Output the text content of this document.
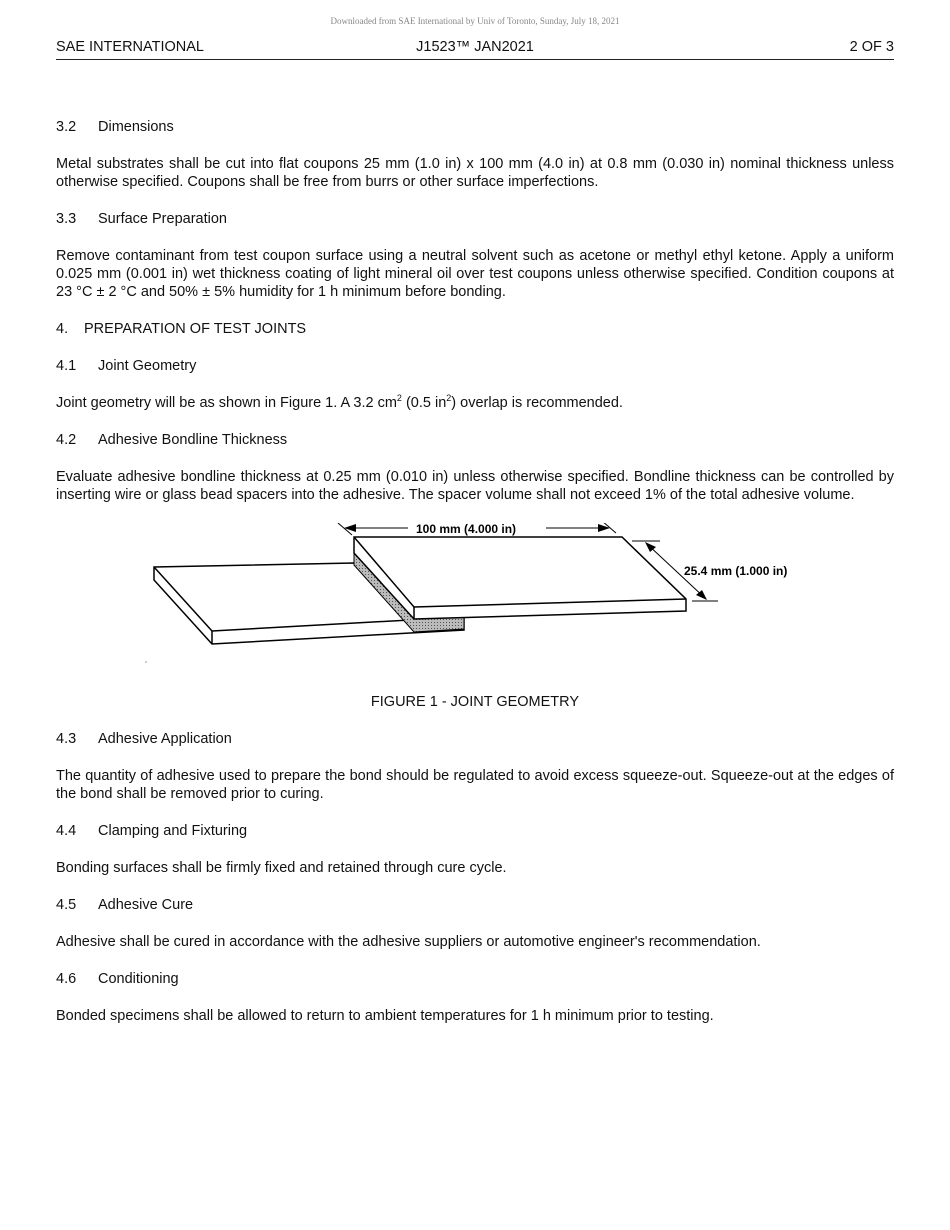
Downloaded from SAE International by Univ of Toronto, Sunday, July 18, 2021
SAE INTERNATIONAL	J1523™ JAN2021	2 OF 3
3.2 Dimensions

Metal substrates shall be cut into flat coupons 25 mm (1.0 in) x 100 mm (4.0 in) at 0.8 mm (0.030 in) nominal thickness unless otherwise specified. Coupons shall be free from burrs or other surface imperfections.

3.3 Surface Preparation

Remove contaminant from test coupon surface using a neutral solvent such as acetone or methyl ethyl ketone. Apply a uniform 0.025 mm (0.001 in) wet thickness coating of light mineral oil over test coupons unless otherwise specified. Condition coupons at 23 °C ± 2 °C and 50% ± 5% humidity for 1 h minimum before bonding.

4. PREPARATION OF TEST JOINTS
4.1 Joint Geometry

Joint geometry will be as shown in Figure 1. A 3.2 $cm^2$ (0.5 $in^2$) overlap is recommended.

4.2 Adhesive Bondline Thickness

Evaluate adhesive bondline thickness at 0.25 mm (0.010 in) unless otherwise specified. Bondline thickness can be controlled by inserting wire or glass bead spacers into the adhesive. The spacer volume shall not exceed 1% of the total adhesive volume.

100 mm (4.000 in)
25.4 mm (1.000 in)
FIGURE 1 - JOINT GEOMETRY
4.3 Adhesive Application

The quantity of adhesive used to prepare the bond should be regulated to avoid excess squeeze-out. Squeeze-out at the edges of the bond shall be removed prior to curing.

4.4 Clamping and Fixturing

Bonding surfaces shall be firmly fixed and retained through cure cycle.

4.5 Adhesive Cure

Adhesive shall be cured in accordance with the adhesive suppliers or automotive engineer's recommendation.

4.6 Conditioning

Bonded specimens shall be allowed to return to ambient temperatures for 1 h minimum prior to testing.
